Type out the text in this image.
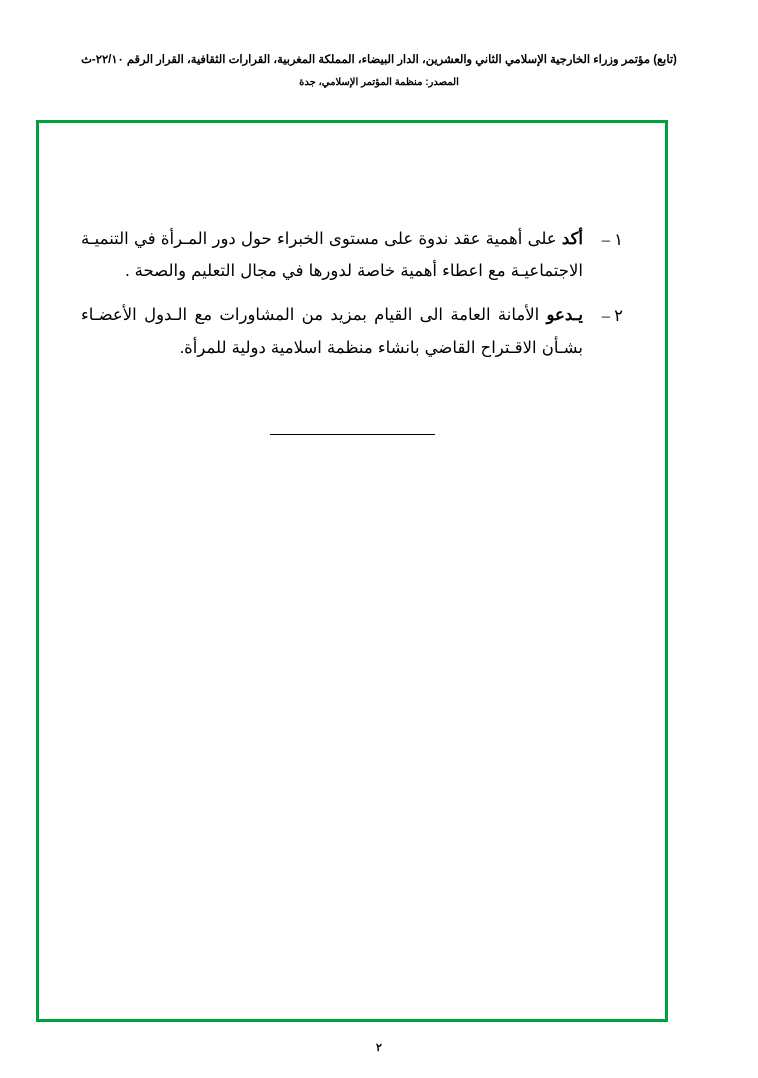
(تابع) مؤتمر وزراء الخارجية الإسلامي الثاني والعشرين، الدار البيضاء، المملكة المغربية، القرارات الثقافية، القرار الرقم ٢٢/١٠-ث
المصدر: منظمة المؤتمر الإسلامي، جدة
١ –
أكد على أهمية عقد ندوة على مستوى الخبراء حول دور المـرأة في التنميـة الاجتماعيـة مع اعطاء أهمية خاصة لدورها في مجال التعليم والصحة .
٢ –
يـدعو الأمانة العامة الى القيام بمزيد من المشاورات مع الـدول الأعضـاء بشـأن الاقـتراح القاضي بانشاء منظمة اسلامية دولية للمرأة.
٢
